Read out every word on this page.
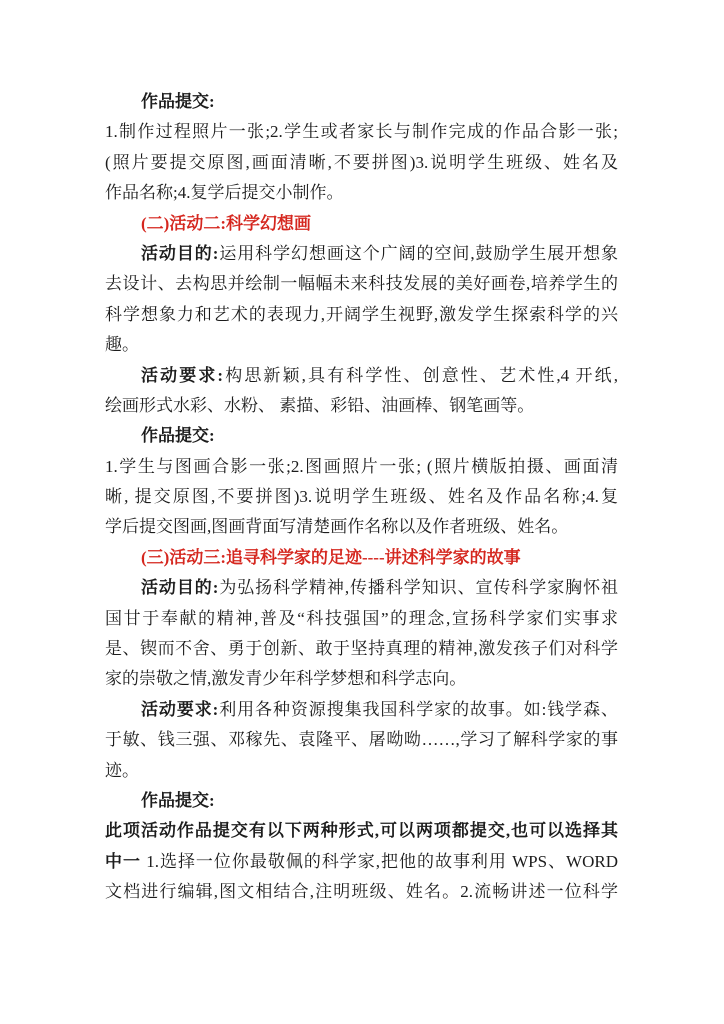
作品提交:
1.制作过程照片一张;2.学生或者家长与制作完成的作品合影一张;
(照片要提交原图,画面清晰,不要拼图)3.说明学生班级、姓名及
作品名称;4.复学后提交小制作。
(二)活动二:科学幻想画
活动目的:运用科学幻想画这个广阔的空间,鼓励学生展开想象
去设计、去构思并绘制一幅幅未来科技发展的美好画卷,培养学生的
科学想象力和艺术的表现力,开阔学生视野,激发学生探索科学的兴
趣。
活动要求:构思新颖,具有科学性、创意性、艺术性,4 开纸,
绘画形式水彩、水粉、 素描、彩铅、油画棒、钢笔画等。
作品提交:
1.学生与图画合影一张;2.图画照片一张; (照片横版拍摄、画面清
晰, 提交原图,不要拼图)3.说明学生班级、姓名及作品名称;4.复
学后提交图画,图画背面写清楚画作名称以及作者班级、姓名。
(三)活动三:追寻科学家的足迹----讲述科学家的故事
活动目的:为弘扬科学精神,传播科学知识、宣传科学家胸怀祖
国甘于奉献的精神,普及“科技强国”的理念,宣扬科学家们实事求
是、锲而不舍、勇于创新、敢于坚持真理的精神,激发孩子们对科学
家的崇敬之情,激发青少年科学梦想和科学志向。
活动要求:利用各种资源搜集我国科学家的故事。如:钱学森、
于敏、钱三强、邓稼先、袁隆平、屠呦呦……,学习了解科学家的事
迹。
作品提交:
此项活动作品提交有以下两种形式,可以两项都提交,也可以选择其
中一 1.选择一位你最敬佩的科学家,把他的故事利用 WPS、WORD
文档进行编辑,图文相结合,注明班级、姓名。2.流畅讲述一位科学
